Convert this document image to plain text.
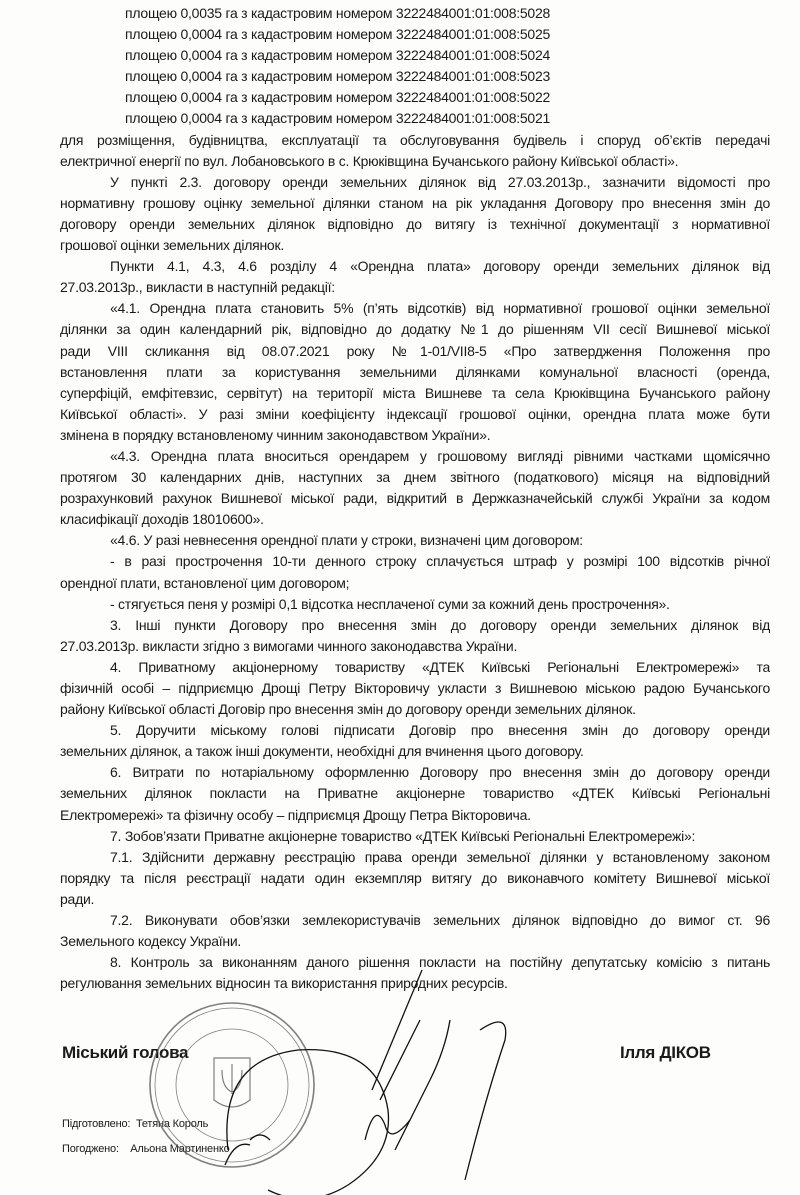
площею 0,0035 га з кадастровим номером 3222484001:01:008:5028
площею 0,0004 га з кадастровим номером 3222484001:01:008:5025
площею 0,0004 га з кадастровим номером 3222484001:01:008:5024
площею 0,0004 га з кадастровим номером 3222484001:01:008:5023
площею 0,0004 га з кадастровим номером 3222484001:01:008:5022
площею 0,0004 га з кадастровим номером 3222484001:01:008:5021
для розміщення, будівництва, експлуатації та обслуговування будівель і споруд об’єктів передачі
електричної енергії по вул. Лобановського в с. Крюківщина Бучанського району Київської області».
У пункті 2.3. договору оренди земельних ділянок від 27.03.2013р., зазначити відомості про
нормативну грошову оцінку земельної ділянки станом на рік укладання Договору про внесення змін до
договору оренди земельних ділянок відповідно до витягу із технічної документації з нормативної
грошової оцінки земельних ділянок.
Пункти 4.1, 4.3, 4.6 розділу 4 «Орендна плата» договору оренди земельних ділянок від
27.03.2013р., викласти в наступній редакції:
«4.1. Орендна плата становить 5% (п’ять відсотків) від нормативної грошової оцінки земельної
ділянки за один календарний рік, відповідно до додатку №1 до рішенням VII сесії Вишневої міської
ради VIII скликання від 08.07.2021 року №1-01/VII8-5 «Про затвердження Положення про
встановлення плати за користування земельними ділянками комунальної власності (оренда,
суперфіцій, емфітевзис, сервітут) на території міста Вишневе та села Крюківщина Бучанського району
Київської області». У разі зміни коефіцієнту індексації грошової оцінки, орендна плата може бути
змінена в порядку встановленому чинним законодавством України».
«4.3. Орендна плата вноситься орендарем у грошовому вигляді рівними частками щомісячно
протягом 30 календарних днів, наступних за днем звітного (податкового) місяця на відповідний
розрахунковий рахунок Вишневої міської ради, відкритий в Держказначейській службі України за кодом
класифікації доходів 18010600».
«4.6. У разі невнесення орендної плати у строки, визначені цим договором:
- в разі прострочення 10-ти денного строку сплачується штраф у розмірі 100 відсотків річної
орендної плати, встановленої цим договором;
- стягується пеня у розмірі 0,1 відсотка несплаченої суми за кожний день прострочення».
3. Інші пункти Договору про внесення змін до договору оренди земельних ділянок від
27.03.2013р. викласти згідно з вимогами чинного законодавства України.
4. Приватному акціонерному товариству «ДТЕК Київські Регіональні Електромережі» та
фізичній особі – підприємцю Дрощі Петру Вікторовичу укласти з Вишневою міською радою Бучанського
району Київської області Договір про внесення змін до договору оренди земельних ділянок.
5. Доручити міському голові підписати Договір про внесення змін до договору оренди
земельних ділянок, а також інші документи, необхідні для вчинення цього договору.
6. Витрати по нотаріальному оформленню Договору про внесення змін до договору оренди
земельних ділянок покласти на Приватне акціонерне товариство «ДТЕК Київські Регіональні
Електромережі» та фізичну особу – підприємця Дрощу Петра Вікторовича.
7. Зобов’язати Приватне акціонерне товариство «ДТЕК Київські Регіональні Електромережі»:
7.1. Здійснити державну реєстрацію права оренди земельної ділянки у встановленому законом
порядку та після реєстрації надати один екземпляр витягу до виконавчого комітету Вишневої міської
ради.
7.2. Виконувати обов’язки землекористувачів земельних ділянок відповідно до вимог ст. 96
Земельного кодексу України.
8. Контроль за виконанням даного рішення покласти на постійну депутатську комісію з питань
регулювання земельних відносин та використання природних ресурсів.
Міський голова	Ілля ДІКОВ
Підготовлено: Тетяна Король
Погоджено: Альона Мартиненко
